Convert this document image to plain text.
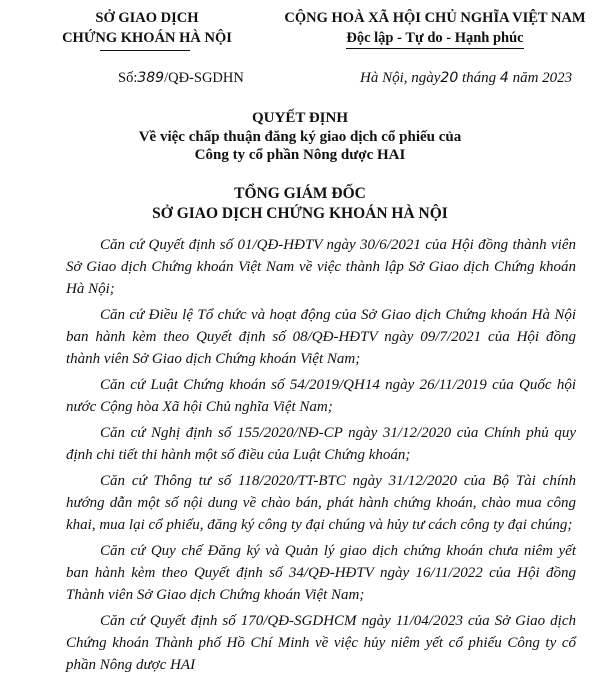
SỞ GIAO DỊCH
CHỨNG KHOÁN HÀ NỘI
CỘNG HOÀ XÃ HỘI CHỦ NGHĨA VIỆT NAM
Độc lập - Tự do - Hạnh phúc
Số:389/QĐ-SGDHN	Hà Nội, ngày20 tháng 4 năm 2023
QUYẾT ĐỊNH
Về việc chấp thuận đăng ký giao dịch cổ phiếu của
Công ty cổ phần Nông dược HAI
TỔNG GIÁM ĐỐC
SỞ GIAO DỊCH CHỨNG KHOÁN HÀ NỘI

Căn cứ Quyết định số 01/QĐ-HĐTV ngày 30/6/2021 của Hội đồng thành viên Sở Giao dịch Chứng khoán Việt Nam về việc thành lập Sở Giao dịch Chứng khoán Hà Nội;

Căn cứ Điều lệ Tổ chức và hoạt động của Sở Giao dịch Chứng khoán Hà Nội ban hành kèm theo Quyết định số 08/QĐ-HĐTV ngày 09/7/2021 của Hội đồng thành viên Sở Giao dịch Chứng khoán Việt Nam;

Căn cứ Luật Chứng khoán số 54/2019/QH14 ngày 26/11/2019 của Quốc hội nước Cộng hòa Xã hội Chủ nghĩa Việt Nam;

Căn cứ Nghị định số 155/2020/NĐ-CP ngày 31/12/2020 của Chính phủ quy định chi tiết thi hành một số điều của Luật Chứng khoán;

Căn cứ Thông tư số 118/2020/TT-BTC ngày 31/12/2020 của Bộ Tài chính hướng dẫn một số nội dung về chào bán, phát hành chứng khoán, chào mua công khai, mua lại cổ phiếu, đăng ký công ty đại chúng và hủy tư cách công ty đại chúng;

Căn cứ Quy chế Đăng ký và Quản lý giao dịch chứng khoán chưa niêm yết ban hành kèm theo Quyết định số 34/QĐ-HĐTV ngày 16/11/2022 của Hội đồng Thành viên Sở Giao dịch Chứng khoán Việt Nam;

Căn cứ Quyết định số 170/QĐ-SGDHCM ngày 11/04/2023 của Sở Giao dịch Chứng khoán Thành phố Hồ Chí Minh về việc hủy niêm yết cổ phiếu Công ty cổ phần Nông dược HAI
